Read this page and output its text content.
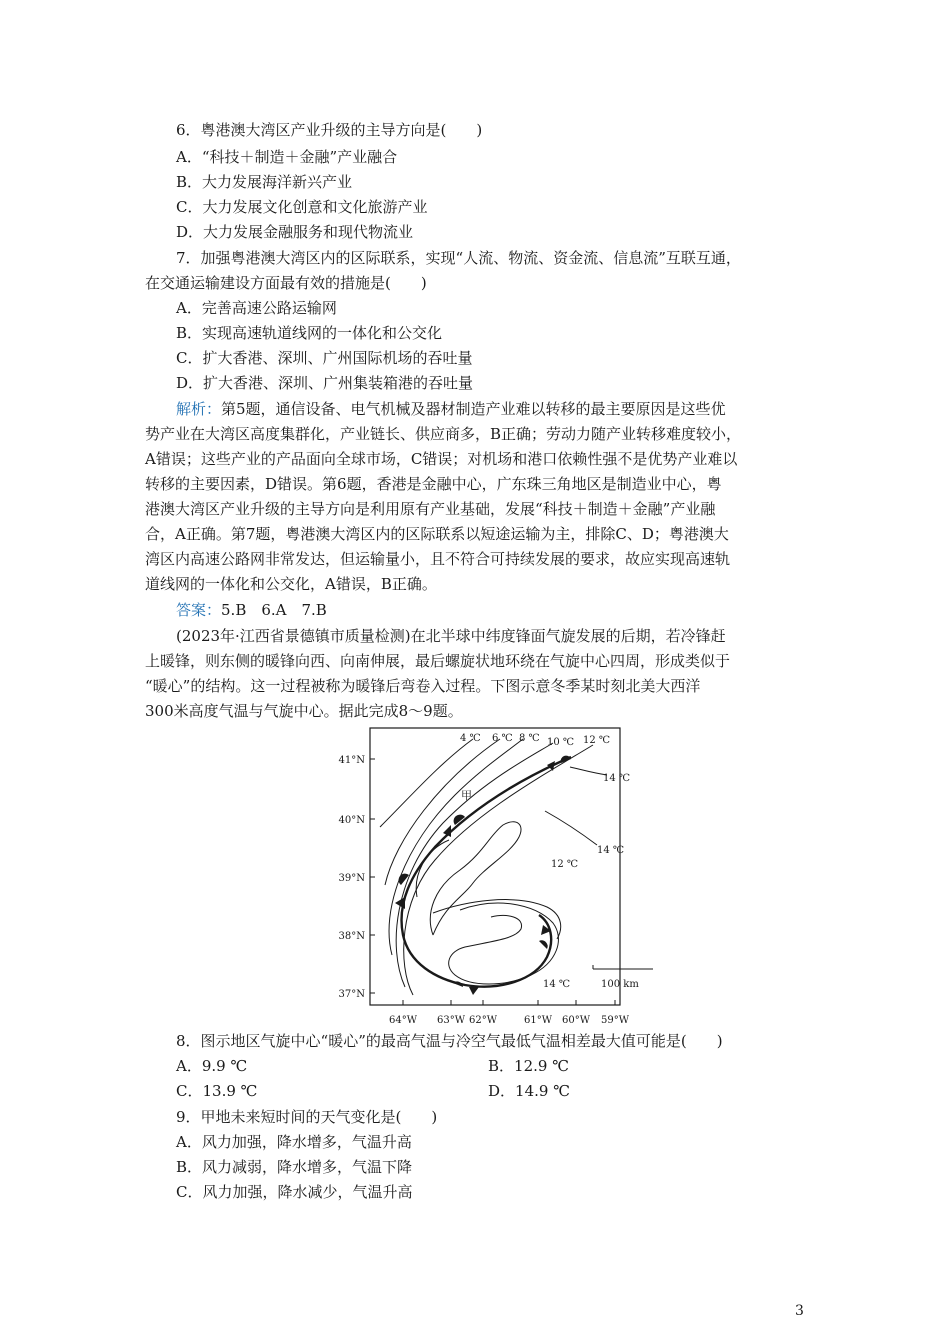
6．粤港澳大湾区产业升级的主导方向是(　　)
A．“科技＋制造＋金融”产业融合
B．大力发展海洋新兴产业
C．大力发展文化创意和文化旅游产业
D．大力发展金融服务和现代物流业
7．加强粤港澳大湾区内的区际联系，实现“人流、物流、资金流、信息流”互联互通，
在交通运输建设方面最有效的措施是(　　)
A．完善高速公路运输网
B．实现高速轨道线网的一体化和公交化
C．扩大香港、深圳、广州国际机场的吞吐量
D．扩大香港、深圳、广州集装箱港的吞吐量
解析：第5题，通信设备、电气机械及器材制造产业难以转移的最主要原因是这些优
势产业在大湾区高度集群化，产业链长、供应商多，B正确；劳动力随产业转移难度较小，
A错误；这些产业的产品面向全球市场，C错误；对机场和港口依赖性强不是优势产业难以
转移的主要因素，D错误。第6题，香港是金融中心，广东珠三角地区是制造业中心，粤
港澳大湾区产业升级的主导方向是利用原有产业基础，发展“科技＋制造＋金融”产业融
合，A正确。第7题，粤港澳大湾区内的区际联系以短途运输为主，排除C、D；粤港澳大
湾区内高速公路网非常发达，但运输量小，且不符合可持续发展的要求，故应实现高速轨
道线网的一体化和公交化，A错误，B正确。
答案：5.B　6.A　7.B
(2023年·江西省景德镇市质量检测)在北半球中纬度锋面气旋发展的后期，若冷锋赶
上暖锋，则东侧的暖锋向西、向南伸展，最后螺旋状地环绕在气旋中心四周，形成类似于
“暖心”的结构。这一过程被称为暖锋后弯卷入过程。下图示意冬季某时刻北美大西洋
300米高度气温与气旋中心。据此完成8～9题。
41°N
40°N
39°N
38°N
37°N
64°W 63°W 62°W	61°W 60°W 59°W
4 ℃ 6 ℃ 8 ℃ 10 ℃ 12 ℃
14 ℃
14 ℃
12 ℃
14 ℃
甲
100 km
8．图示地区气旋中心“暖心”的最高气温与冷空气最低气温相差最大值可能是(　　)
A．9.9 ℃	B．12.9 ℃
C．13.9 ℃	D．14.9 ℃
9．甲地未来短时间的天气变化是(　　)
A．风力加强，降水增多，气温升高
B．风力减弱，降水增多，气温下降
C．风力加强，降水减少，气温升高
3
